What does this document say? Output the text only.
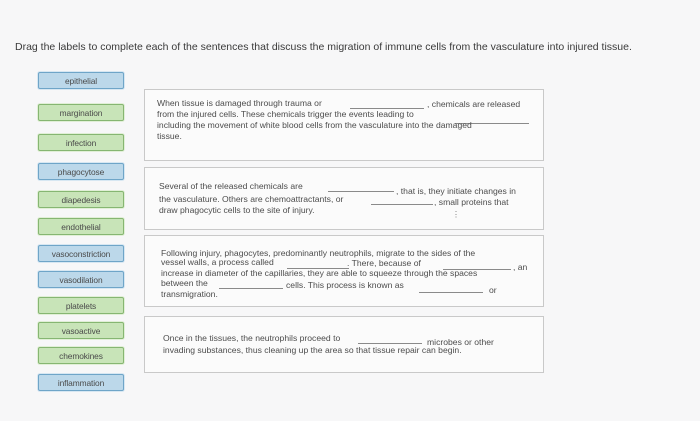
Drag the labels to complete each of the sentences that discuss the migration of immune cells from the vasculature into injured tissue.
epithelial
margination
infection
phagocytose
diapedesis
endothelial
vasoconstriction
vasodilation
platelets
vasoactive
chemokines
inflammation
When tissue is damaged through trauma or	, chemicals are released
from the injured cells. These chemicals trigger the events leading to
including the movement of white blood cells from the vasculature into the damaged
tissue.
Several of the released chemicals are	, that is, they initiate changes in
the vasculature. Others are chemoattractants, or	, small proteins that
draw phagocytic cells to the site of injury.	⋮
Following injury, phagocytes, predominantly neutrophils, migrate to the sides of the
vessel walls, a process called	. There, because of	, an
increase in diameter of the capillaries, they are able to squeeze through the spaces
between the	cells. This process is known as	or
transmigration.
Once in the tissues, the neutrophils proceed to	microbes or other
invading substances, thus cleaning up the area so that tissue repair can begin.
